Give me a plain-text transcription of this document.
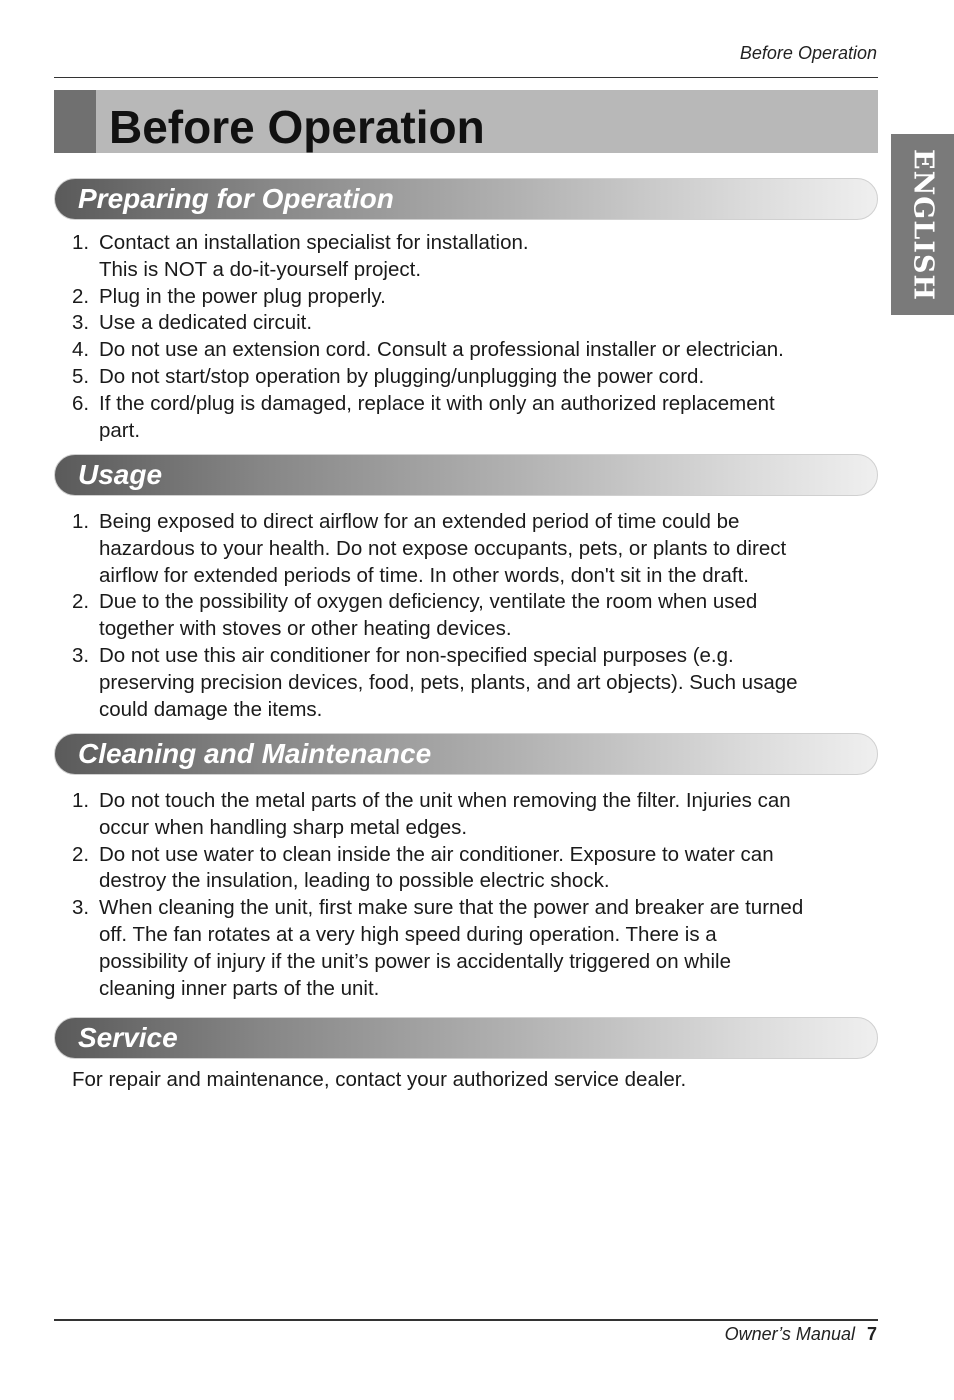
Before Operation
Before Operation
ENGLISH
Preparing for Operation
1. Contact an installation specialist for installation.
This is NOT a do-it-yourself project.
2. Plug in the power plug properly.
3. Use a dedicated circuit.
4. Do not use an extension cord. Consult a professional installer or electrician.
5. Do not start/stop operation by plugging/unplugging the power cord.
6. If the cord/plug is damaged, replace it with only an authorized replacement
part.
Usage
1. Being exposed to direct airflow for an extended period of time could be
hazardous to your health. Do not expose occupants, pets, or plants to direct
airflow for extended periods of time. In other words, don't sit in the draft.
2. Due to the possibility of oxygen deficiency, ventilate the room when used
together with stoves or other heating devices.
3. Do not use this air conditioner for non-specified special purposes (e.g.
preserving precision devices, food, pets, plants, and art objects). Such usage
could damage the items.
Cleaning and Maintenance
1. Do not touch the metal parts of the unit when removing the filter. Injuries can
occur when handling sharp metal edges.
2. Do not use water to clean inside the air conditioner. Exposure to water can
destroy the insulation, leading to possible electric shock.
3. When cleaning the unit, first make sure that the power and breaker are turned
off. The fan rotates at a very high speed during operation. There is a
possibility of injury if the unit’s power is accidentally triggered on while
cleaning inner parts of the unit.
Service
For repair and maintenance, contact your authorized service dealer.
Owner’s Manual 7
